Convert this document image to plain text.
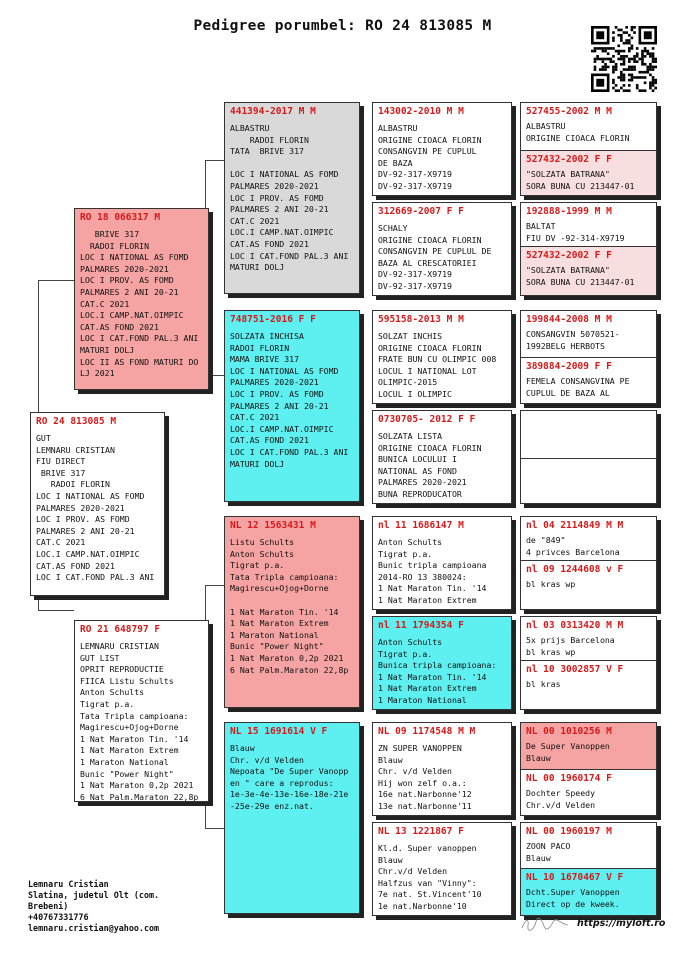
Pedigree porumbel: RO 24 813085 M
RO 24 813085 M
GUT
LEMNARU CRISTIAN
FIU DIRECT
BRIVE 317
RADOI FLORIN
LOC I NATIONAL AS FOMD
PALMARES 2020-2021
LOC I PROV. AS FOMD
PALMARES 2 ANI 20-21
CAT.C 2021
LOC.I CAMP.NAT.OIMPIC
CAT.AS FOND 2021
LOC I CAT.FOND PAL.3 ANI
RO 18 066317 M
BRIVE 317
RADOI FLORIN
LOC I NATIONAL AS FOMD
PALMARES 2020-2021
LOC I PROV. AS FOMD
PALMARES 2 ANI 20-21
CAT.C 2021
LOC.I CAMP.NAT.OIMPIC
CAT.AS FOND 2021
LOC I CAT.FOND PAL.3 ANI
MATURI DOLJ
LOC II AS FOND MATURI DO
LJ 2021
RO 21 648797 F
LEMNARU CRISTIAN
GUT LIST
OPRIT REPRODUCTIE
FIICA Listu Schults
Anton Schults
Tigrat p.a.
Tata Tripla campioana:
Magirescu+Ojog+Dorne
1 Nat Maraton Tin. '14
1 Nat Maraton Extrem
1 Maraton National
Bunic "Power Night"
1 Nat Maraton 0,2p 2021
6 Nat Palm.Maraton 22,8p
441394-2017 M M
ALBASTRU
RADOI FLORIN
TATA  BRIVE 317

LOC I NATIONAL AS FOMD
PALMARES 2020-2021
LOC I PROV. AS FOMD
PALMARES 2 ANI 20-21
CAT.C 2021
LOC.I CAMP.NAT.OIMPIC
CAT.AS FOND 2021
LOC I CAT.FOND PAL.3 ANI
MATURI DOLJ
748751-2016 F F
SOLZATA INCHISA
RADOI FLORIN
MAMA BRIVE 317
LOC I NATIONAL AS FOMD
PALMARES 2020-2021
LOC I PROV. AS FOMD
PALMARES 2 ANI 20-21
CAT.C 2021
LOC.I CAMP.NAT.OIMPIC
CAT.AS FOND 2021
LOC I CAT.FOND PAL.3 ANI
MATURI DOLJ
NL 12 1563431 M
Listu Schults
Anton Schults
Tigrat p.a.
Tata Tripla campioana:
Magirescu+Ojog+Dorne

1 Nat Maraton Tin. '14
1 Nat Maraton Extrem
1 Maraton National
Bunic "Power Night"
1 Nat Maraton 0,2p 2021
6 Nat Palm.Maraton 22,8p
NL 15 1691614 V F
Blauw
Chr. v/d Velden
Nepoata "De Super Vanopp
en " care a reprodus:
1e-3e-4e-13e-16e-18e-21e
-25e-29e enz.nat.
143002-2010 M M
ALBASTRU
ORIGINE CIOACA FLORIN
CONSANGVIN PE CUPLUL
DE BAZA
DV-92-317-X9719
DV-92-317-X9719
312669-2007 F F
SCHALY
ORIGINE CIOACA FLORIN
CONSANGVIN PE CUPLUL DE
BAZA AL CRESCATORIEI
DV-92-317-X9719
DV-92-317-X9719
595158-2013 M M
SOLZAT INCHIS
ORIGINE CIOACA FLORIN
FRATE BUN CU OLIMPIC 008
LOCUL I NATIONAL LOT
OLIMPIC-2015
LOCUL I OLIMPIC
0730705- 2012 F F
SOLZATA LISTA
ORIGINE CIOACA FLORIN
BUNICA LOCULUI I
NATIONAL AS FOND
PALMARES 2020-2021
BUNA REPRODUCATOR
nl 11 1686147 M
Anton Schults
Tigrat p.a.
Bunic tripla campioana
2014-RO 13 380024:
1 Nat Maraton Tin. '14
1 Nat Maraton Extrem
nl 11 1794354 F
Anton Schults
Tigrat p.a.
Bunica tripla campioana:
1 Nat Maraton Tin. '14
1 Nat Maraton Extrem
1 Maraton National
NL 09 1174548 M M
ZN SUPER VANOPPEN
Blauw
Chr. v/d Velden
Hij won zelf o.a.:
16e nat.Narbonne'12
13e nat.Narbonne'11
NL 13 1221867 F
Kl.d. Super vanoppen
Blauw
Chr.v/d Velden
Halfzus van "Vinny":
7e nat. St.Vincent'10
1e nat.Narbonne'10
527455-2002 M M
ALBASTRU
ORIGINE CIOACA FLORIN
527432-2002 F F
"SOLZATA BATRANA"
SORA BUNA CU 213447-01
192888-1999 M M
BALTAT
FIU DV -92-314-X9719
527432-2002 F F
"SOLZATA BATRANA"
SORA BUNA CU 213447-01
199844-2008 M M
CONSANGVIN 5070521-
1992BELG HERBOTS
389884-2009 F F
FEMELA CONSANGVINA PE
CUPLUL DE BAZA AL
nl 04 2114849 M M
de "849"
4 privces Barcelona
nl 09 1244608 v F
bl kras wp
nl 03 0313420 M M
5x prijs Barcelona
bl kras wp
nl 10 3002857 V F
bl kras
NL 00 1010256 M
De Super Vanoppen
Blauw
NL 00 1960174 F
Dochter Speedy
Chr.v/d Velden
NL 00 1960197 M
ZOON PACO
Blauw
NL 10 1670467 V F
Dcht.Super Vanoppen
Direct op de kweek.
Lemnaru Cristian
Slatina, judetul Olt (com.
Brebeni)
+40767331776
lemnaru.cristian@yahoo.com	https://myloft.ro
